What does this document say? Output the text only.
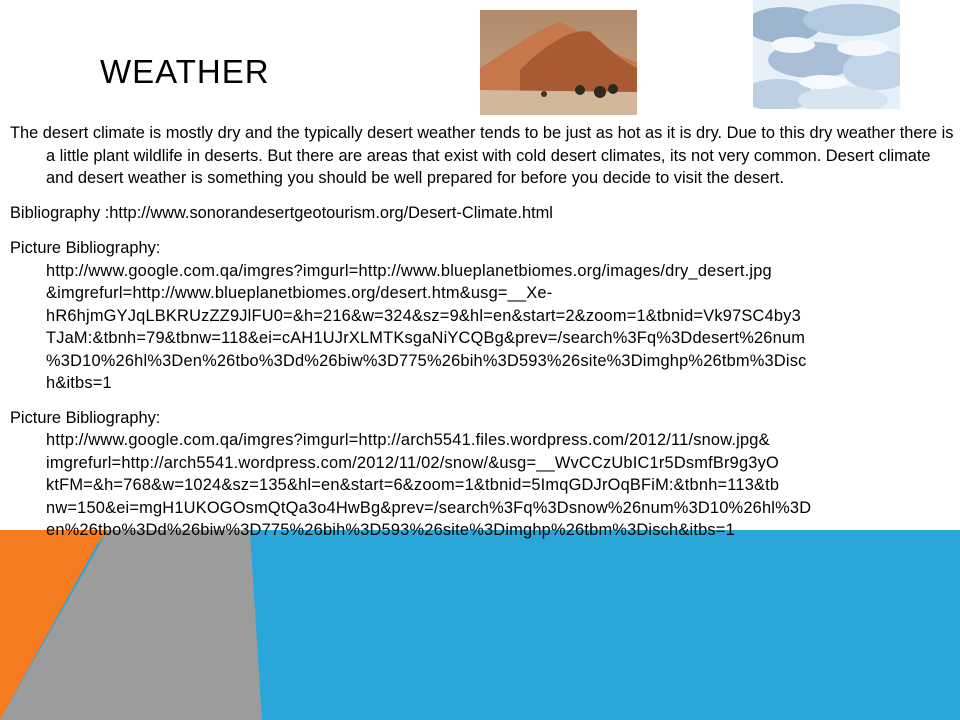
WEATHER

The desert climate is mostly dry and the typically desert weather tends to be just as hot as it is dry. Due to this dry weather there is a little plant wildlife in deserts. But there are areas that exist with cold desert climates, its not very common. Desert climate and desert weather is something you should be well prepared for before you decide to visit the desert.

Bibliography :http://www.sonorandesertgeotourism.org/Desert-Climate.html

Picture Bibliography:
http://www.google.com.qa/imgres?imgurl=http://www.blueplanetbiomes.org/images/dry_desert.jpg
&imgrefurl=http://www.blueplanetbiomes.org/desert.htm&usg=__Xe-
hR6hjmGYJqLBKRUzZZ9JlFU0=&h=216&w=324&sz=9&hl=en&start=2&zoom=1&tbnid=Vk97SC4by3
TJaM:&tbnh=79&tbnw=118&ei=cAH1UJrXLMTKsgaNiYCQBg&prev=/search%3Fq%3Ddesert%26num
%3D10%26hl%3Den%26tbo%3Dd%26biw%3D775%26bih%3D593%26site%3Dimghp%26tbm%3Disc
h&itbs=1
Picture Bibliography:
http://www.google.com.qa/imgres?imgurl=http://arch5541.files.wordpress.com/2012/11/snow.jpg&
imgrefurl=http://arch5541.wordpress.com/2012/11/02/snow/&usg=__WvCCzUbIC1r5DsmfBr9g3yO
ktFM=&h=768&w=1024&sz=135&hl=en&start=6&zoom=1&tbnid=5ImqGDJrOqBFiM:&tbnh=113&tb
nw=150&ei=mgH1UKOGOsmQtQa3o4HwBg&prev=/search%3Fq%3Dsnow%26num%3D10%26hl%3D
en%26tbo%3Dd%26biw%3D775%26bih%3D593%26site%3Dimghp%26tbm%3Disch&itbs=1
